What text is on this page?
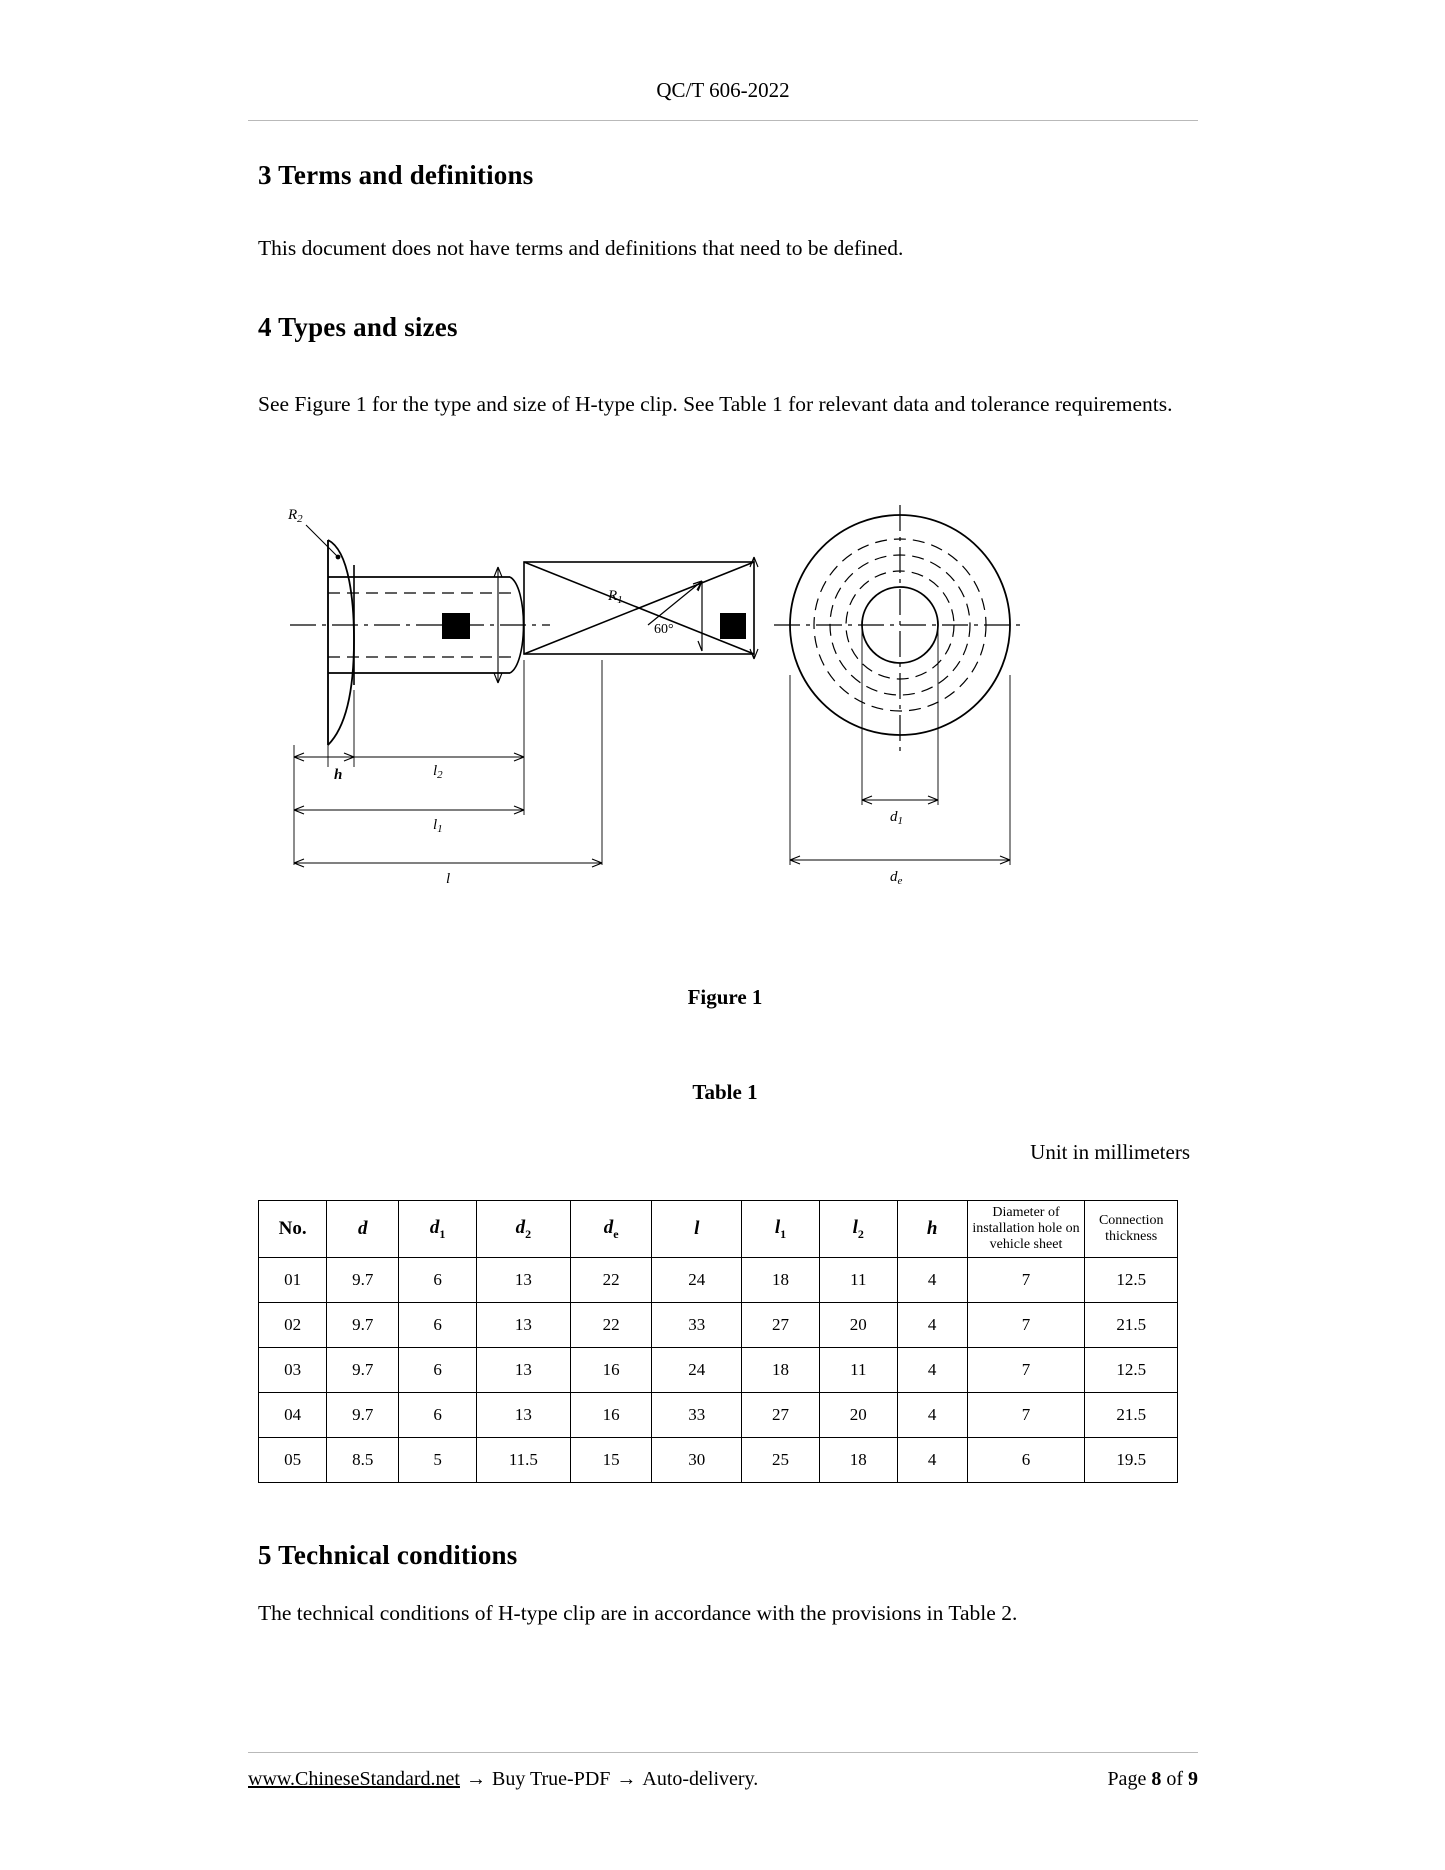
QC/T 606-2022
3 Terms and definitions

This document does not have terms and definitions that need to be defined.

4 Types and sizes

See Figure 1 for the type and size of H-type clip. See Table 1 for relevant data and tolerance requirements.

$R_2$
$R_1$
60°
h	$l_2$
$l_1$
l
$d_1$
$d_e$
Figure 1
Table 1
Unit in millimeters
No.	d	$d_1$	$d_2$	$d_e$	l	$l_1$	$l_2$	h	Diameter of installation hole on vehicle sheet	Connection thickness
01	9.7	6	13	22	24	18	11	4	7	12.5
02	9.7	6	13	22	33	27	20	4	7	21.5
03	9.7	6	13	16	24	18	11	4	7	12.5
04	9.7	6	13	16	33	27	20	4	7	21.5
05	8.5	5	11.5	15	30	25	18	4	6	19.5
5 Technical conditions

The technical conditions of H-type clip are in accordance with the provisions in Table 2.

www.ChineseStandard.net → Buy True-PDF → Auto-delivery.	Page 8 of 9
